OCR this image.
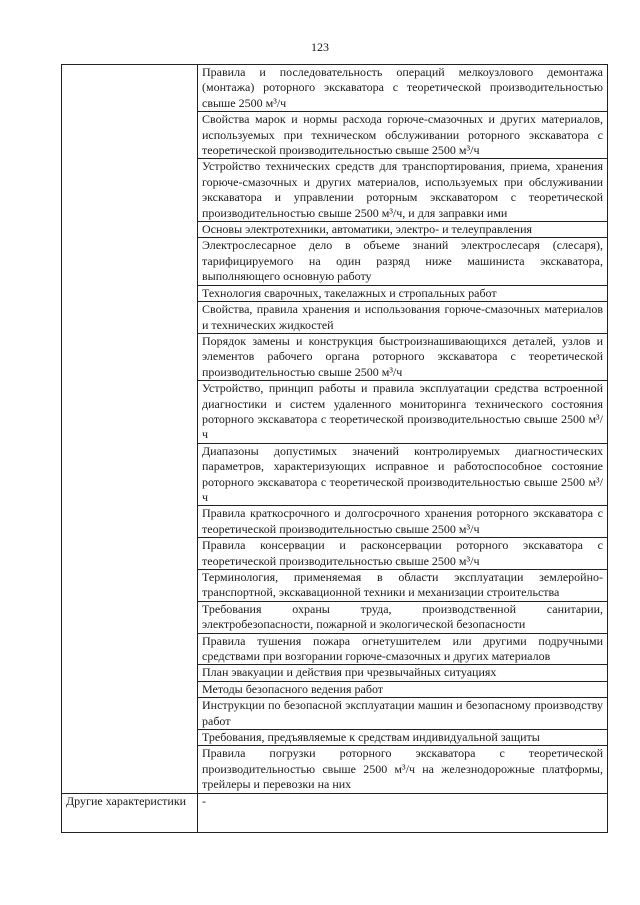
123
	Правила и последовательность операций мелкоузлового демонтажа (монтажа) роторного экскаватора с теоретической производительностью свыше 2500 м³/ч
	Свойства марок и нормы расхода горюче-смазочных и других материалов, используемых при техническом обслуживании роторного экскаватора с теоретической производительностью свыше 2500 м³/ч
	Устройство технических средств для транспортирования, приема, хранения горюче-смазочных и других материалов, используемых при обслуживании экскаватора и управлении роторным экскаватором с теоретической производительностью свыше 2500 м³/ч, и для заправки ими
	Основы электротехники, автоматики, электро- и телеуправления
	Электрослесарное дело в объеме знаний электрослесаря (слесаря), тарифицируемого на один разряд ниже машиниста экскаватора, выполняющего основную работу
	Технология сварочных, такелажных и стропальных работ
	Свойства, правила хранения и использования горюче-смазочных материалов и технических жидкостей
	Порядок замены и конструкция быстроизнашивающихся деталей, узлов и элементов рабочего органа роторного экскаватора с теоретической производительностью свыше 2500 м³/ч
	Устройство, принцип работы и правила эксплуатации средства встроенной диагностики и систем удаленного мониторинга технического состояния роторного экскаватора с теоретической производительностью свыше 2500 м³/ч
	Диапазоны допустимых значений контролируемых диагностических параметров, характеризующих исправное и работоспособное состояние роторного экскаватора с теоретической производительностью свыше 2500 м³/ч
	Правила краткосрочного и долгосрочного хранения роторного экскаватора с теоретической производительностью свыше 2500 м³/ч
	Правила консервации и расконсервации роторного экскаватора с теоретической производительностью свыше 2500 м³/ч
	Терминология, применяемая в области эксплуатации землеройно-транспортной, экскавационной техники и механизации строительства
	Требования охраны труда, производственной санитарии, электробезопасности, пожарной и экологической безопасности
	Правила тушения пожара огнетушителем или другими подручными средствами при возгорании горюче-смазочных и других материалов
	План эвакуации и действия при чрезвычайных ситуациях
	Методы безопасного ведения работ
	Инструкции по безопасной эксплуатации машин и безопасному производству работ
	Требования, предъявляемые к средствам индивидуальной защиты
	Правила погрузки роторного экскаватора с теоретической производительностью свыше 2500 м³/ч на железнодорожные платформы, трейлеры и перевозки на них
Другие характеристики	-
